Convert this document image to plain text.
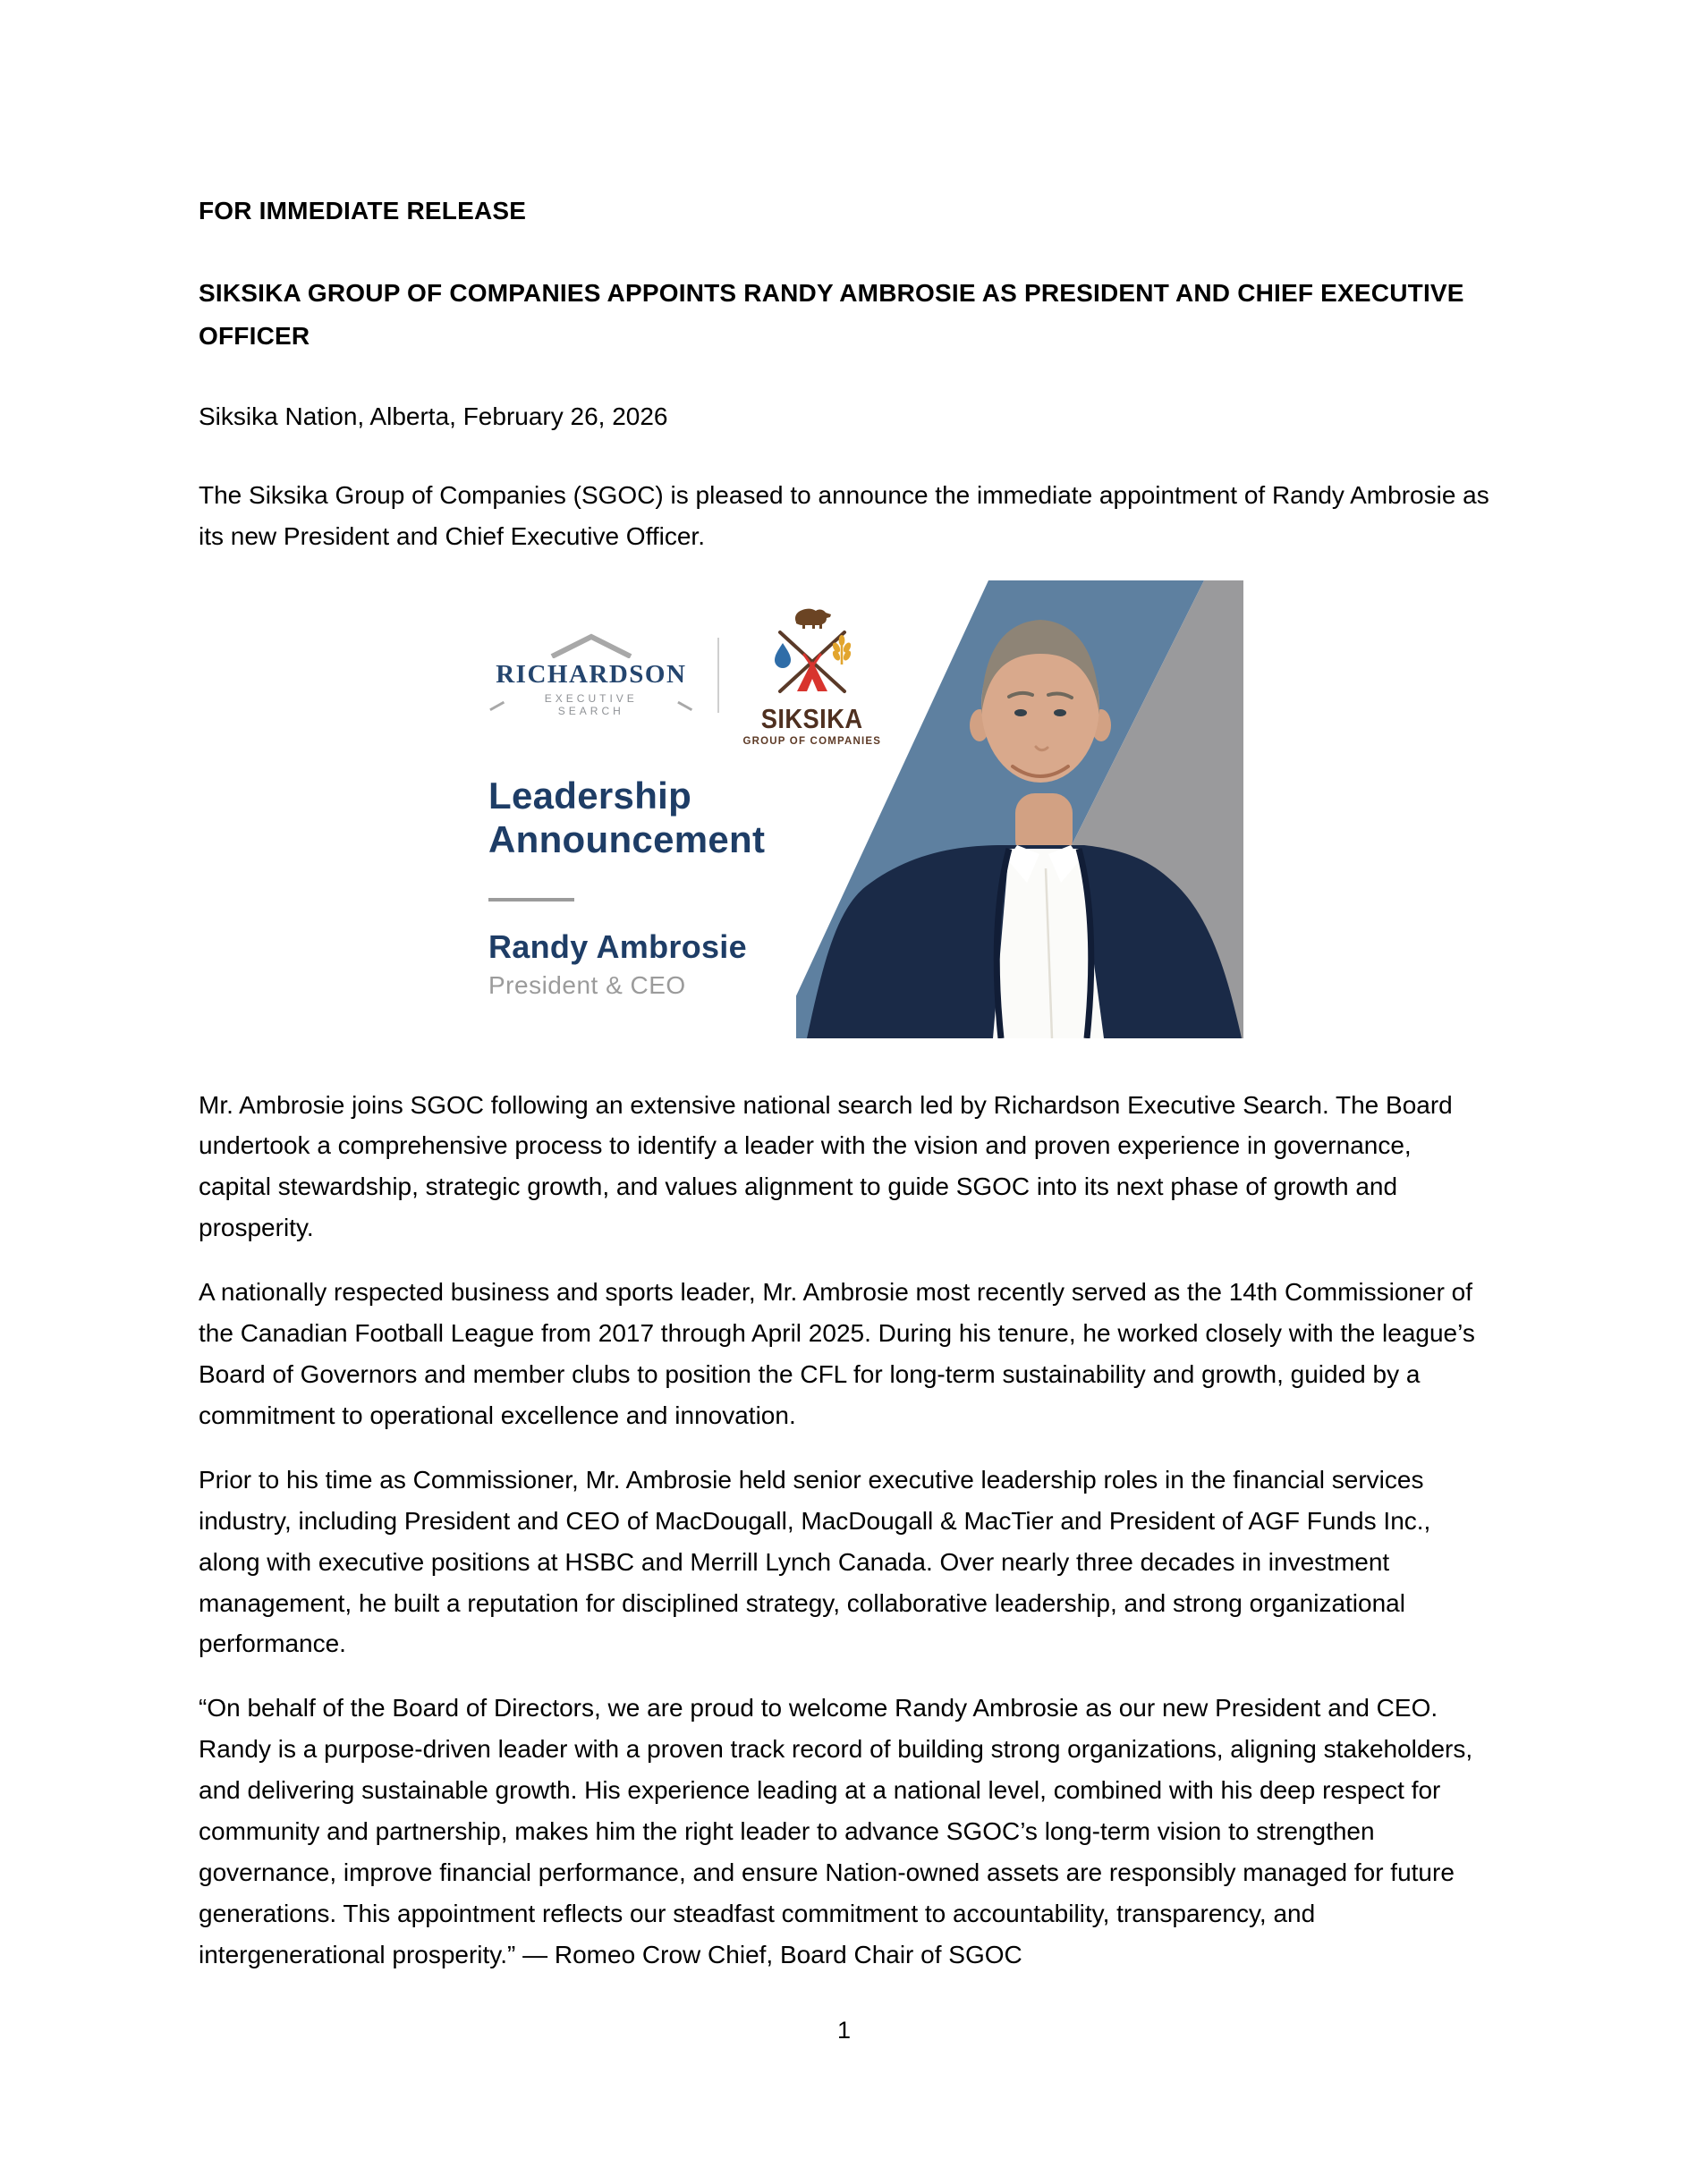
FOR IMMEDIATE RELEASE

SIKSIKA GROUP OF COMPANIES APPOINTS RANDY AMBROSIE AS PRESIDENT AND CHIEF EXECUTIVE OFFICER

Siksika Nation, Alberta, February 26, 2026

The Siksika Group of Companies (SGOC) is pleased to announce the immediate appointment of Randy Ambrosie as its new President and Chief Executive Officer.

RICHARDSON
EXECUTIVE SEARCH	SIKSIKA
GROUP OF COMPANIES
Leadership
Announcement
Randy Ambrosie
President & CEO

Mr. Ambrosie joins SGOC following an extensive national search led by Richardson Executive Search. The Board undertook a comprehensive process to identify a leader with the vision and proven experience in governance, capital stewardship, strategic growth, and values alignment to guide SGOC into its next phase of growth and prosperity.

A nationally respected business and sports leader, Mr. Ambrosie most recently served as the 14th Commissioner of the Canadian Football League from 2017 through April 2025. During his tenure, he worked closely with the league’s Board of Governors and member clubs to position the CFL for long-term sustainability and growth, guided by a commitment to operational excellence and innovation.

Prior to his time as Commissioner, Mr. Ambrosie held senior executive leadership roles in the financial services industry, including President and CEO of MacDougall, MacDougall & MacTier and President of AGF Funds Inc., along with executive positions at HSBC and Merrill Lynch Canada. Over nearly three decades in investment management, he built a reputation for disciplined strategy, collaborative leadership, and strong organizational performance.

“On behalf of the Board of Directors, we are proud to welcome Randy Ambrosie as our new President and CEO. Randy is a purpose-driven leader with a proven track record of building strong organizations, aligning stakeholders, and delivering sustainable growth. His experience leading at a national level, combined with his deep respect for community and partnership, makes him the right leader to advance SGOC’s long-term vision to strengthen governance, improve financial performance, and ensure Nation-owned assets are responsibly managed for future generations. This appointment reflects our steadfast commitment to accountability, transparency, and intergenerational prosperity.” — Romeo Crow Chief, Board Chair of SGOC

1
